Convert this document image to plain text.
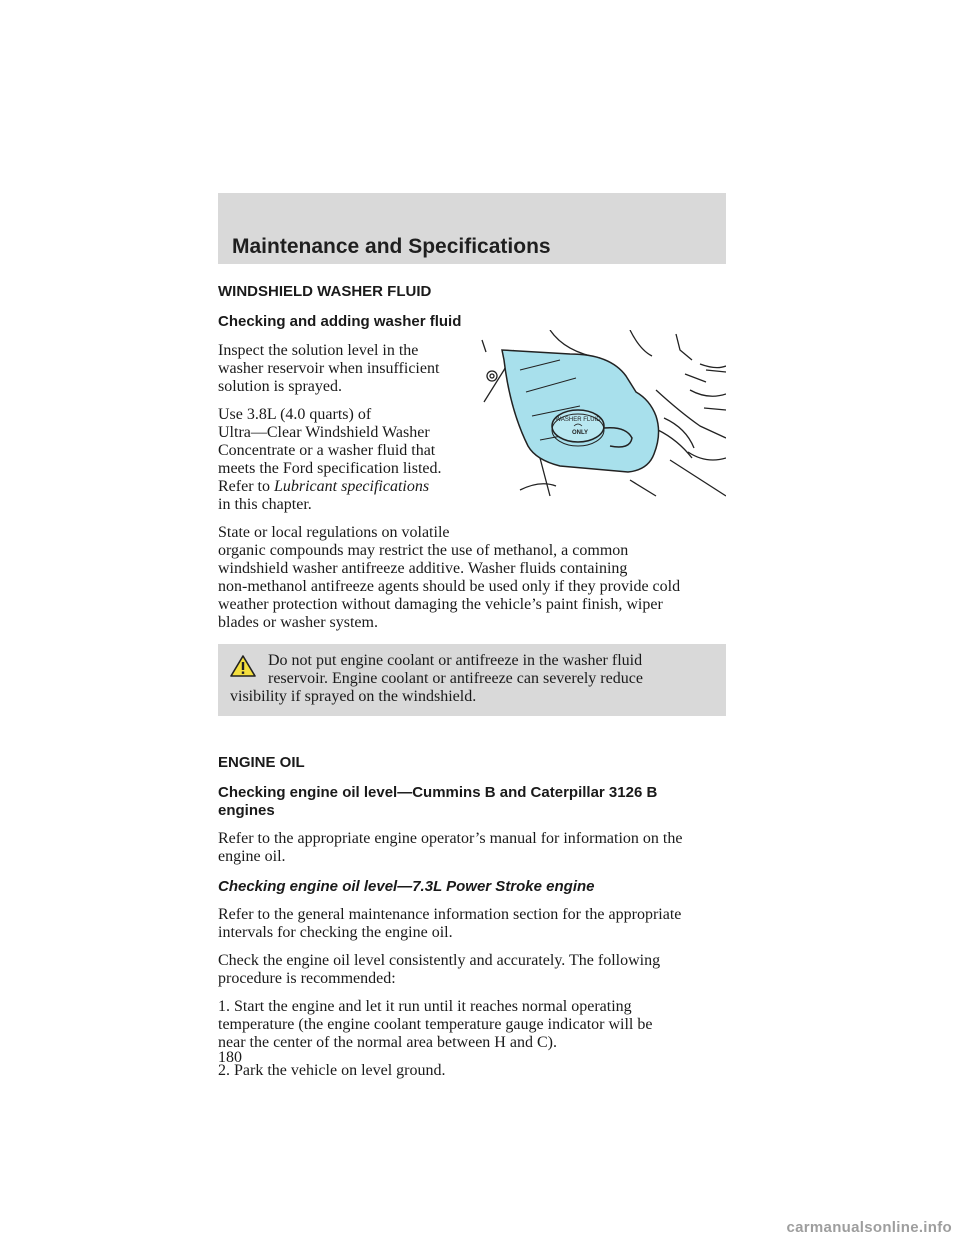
Maintenance and Specifications
WASHER FLUID
ONLY
WINDSHIELD WASHER FLUID
Checking and adding washer fluid

Inspect the solution level in the
washer reservoir when insufficient
solution is sprayed.

Use 3.8L (4.0 quarts) of
Ultra—Clear Windshield Washer
Concentrate or a washer fluid that
meets the Ford specification listed.
Refer to Lubricant specifications
in this chapter.

State or local regulations on volatile
organic compounds may restrict the use of methanol, a common
windshield washer antifreeze additive. Washer fluids containing
non-methanol antifreeze agents should be used only if they provide cold
weather protection without damaging the vehicle’s paint finish, wiper
blades or washer system.

Do not put engine coolant or antifreeze in the washer fluid
reservoir. Engine coolant or antifreeze can severely reduce
visibility if sprayed on the windshield.

ENGINE OIL
Checking engine oil level—Cummins B and Caterpillar 3126 B
engines

Refer to the appropriate engine operator’s manual for information on the
engine oil.

Checking engine oil level—7.3L Power Stroke engine

Refer to the general maintenance information section for the appropriate
intervals for checking the engine oil.

Check the engine oil level consistently and accurately. The following
procedure is recommended:

1. Start the engine and let it run until it reaches normal operating
temperature (the engine coolant temperature gauge indicator will be
near the center of the normal area between H and C).

2. Park the vehicle on level ground.

180

carmanualsonline.info
